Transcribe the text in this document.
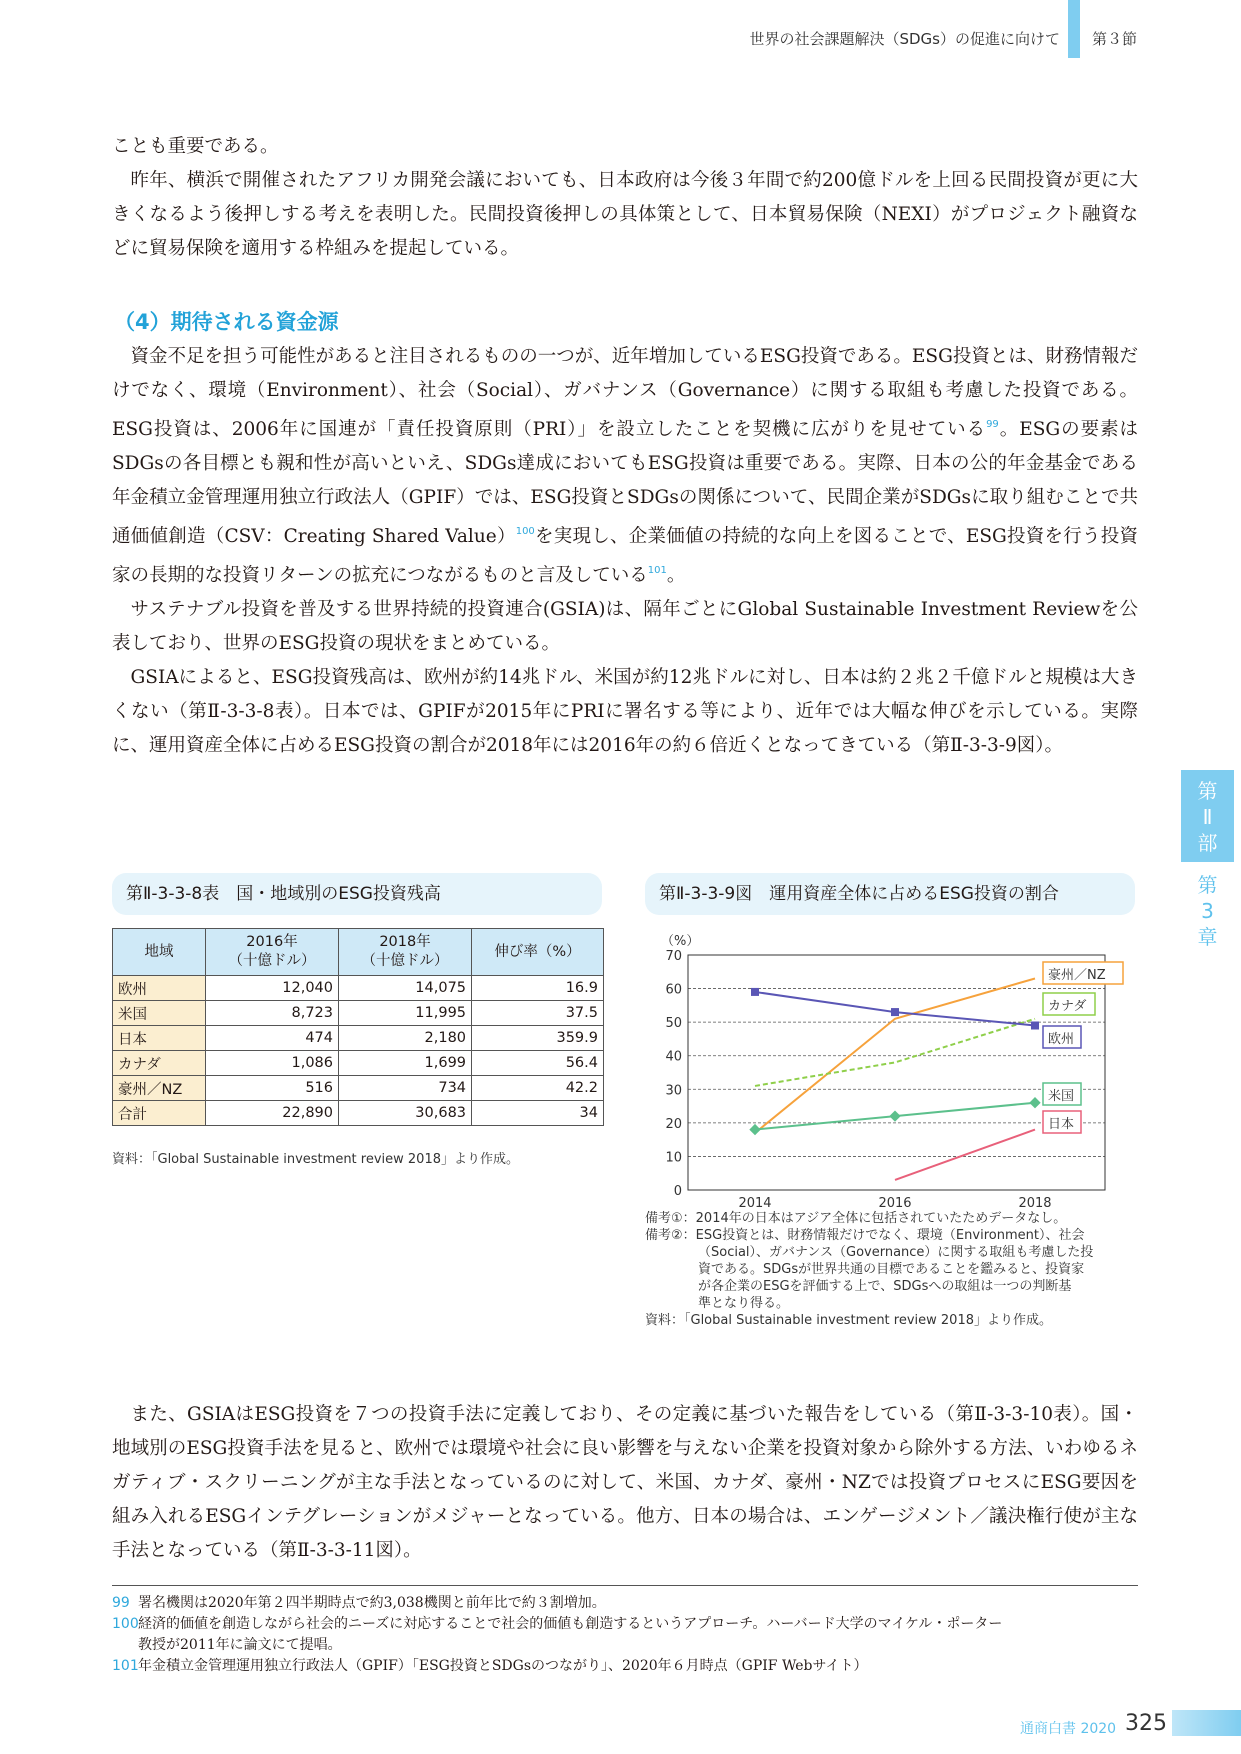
世界の社会課題解決（SDGs）の促進に向けて 第３節

ことも重要である。

昨年、横浜で開催されたアフリカ開発会議においても、日本政府は今後３年間で約200億ドルを上回る民間投資が更に大きくなるよう後押しする考えを表明した。民間投資後押しの具体策として、日本貿易保険（NEXI）がプロジェクト融資などに貿易保険を適用する枠組みを提起している。

（4）期待される資金源

資金不足を担う可能性があると注目されるものの一つが、近年増加しているESG投資である。ESG投資とは、財務情報だけでなく、環境（Environment）、社会（Social）、ガバナンス（Governance）に関する取組も考慮した投資である。ESG投資は、2006年に国連が「責任投資原則（PRI）」を設立したことを契機に広がりを見せている$^{99}$。ESGの要素はSDGsの各目標とも親和性が高いといえ、SDGs達成においてもESG投資は重要である。実際、日本の公的年金基金である年金積立金管理運用独立行政法人（GPIF）では、ESG投資とSDGsの関係について、民間企業がSDGsに取り組むことで共通価値創造（CSV：Creating Shared Value）$^{100}$を実現し、企業価値の持続的な向上を図ることで、ESG投資を行う投資家の長期的な投資リターンの拡充につながるものと言及している$^{101}$。

サステナブル投資を普及する世界持続的投資連合(GSIA)は、隔年ごとにGlobal Sustainable Investment Reviewを公表しており、世界のESG投資の現状をまとめている。

GSIAによると、ESG投資残高は、欧州が約14兆ドル、米国が約12兆ドルに対し、日本は約２兆２千億ドルと規模は大きくない（第Ⅱ-3-3-8表）。日本では、GPIFが2015年にPRIに署名する等により、近年では大幅な伸びを示している。実際に、運用資産全体に占めるESG投資の割合が2018年には2016年の約６倍近くとなってきている（第Ⅱ-3-3-9図）。

第
Ⅱ
部
第
3
章
第Ⅱ-3-3-8表　国・地域別のESG投資残高
地域	2016年
（十億ドル）	2018年
（十億ドル）	伸び率（%）
欧州	12,040	14,075	16.9
米国	8,723	11,995	37.5
日本	474	2,180	359.9
カナダ	1,086	1,699	56.4
豪州／NZ	516	734	42.2
合計	22,890	30,683	34
資料：「Global Sustainable investment review 2018」より作成。
第Ⅱ-3-3-9図　運用資産全体に占めるESG投資の割合
（%）
0
10
20
30
40
50
60
70
2014	2016	2018
豪州／NZ
カナダ
欧州
米国
日本

備考①：2014年の日本はアジア全体に包括されていたためデータなし。

備考②：ESG投資とは、財務情報だけでなく、環境（Environment）、社会

（Social）、ガバナンス（Governance）に関する取組も考慮した投

資である。SDGsが世界共通の目標であることを鑑みると、投資家

が各企業のESGを評価する上で、SDGsへの取組は一つの判断基

準となり得る。

資料：「Global Sustainable investment review 2018」より作成。

また、GSIAはESG投資を７つの投資手法に定義しており、その定義に基づいた報告をしている（第Ⅱ-3-3-10表）。国・地域別のESG投資手法を見ると、欧州では環境や社会に良い影響を与えない企業を投資対象から除外する方法、いわゆるネガティブ・スクリーニングが主な手法となっているのに対して、米国、カナダ、豪州・NZでは投資プロセスにESG要因を組み入れるESGインテグレーションがメジャーとなっている。他方、日本の場合は、エンゲージメント／議決権行使が主な手法となっている（第Ⅱ-3-3-11図）。

99 署名機関は2020年第２四半期時点で約3,038機関と前年比で約３割増加。

100経済的価値を創造しながら社会的ニーズに対応することで社会的価値も創造するというアプローチ。ハーバード大学のマイケル・ポーター

教授が2011年に論文にて提唱。

101年金積立金管理運用独立行政法人（GPIF）「ESG投資とSDGsのつながり」、2020年６月時点（GPIF Webサイト）

通商白書 2020 325
